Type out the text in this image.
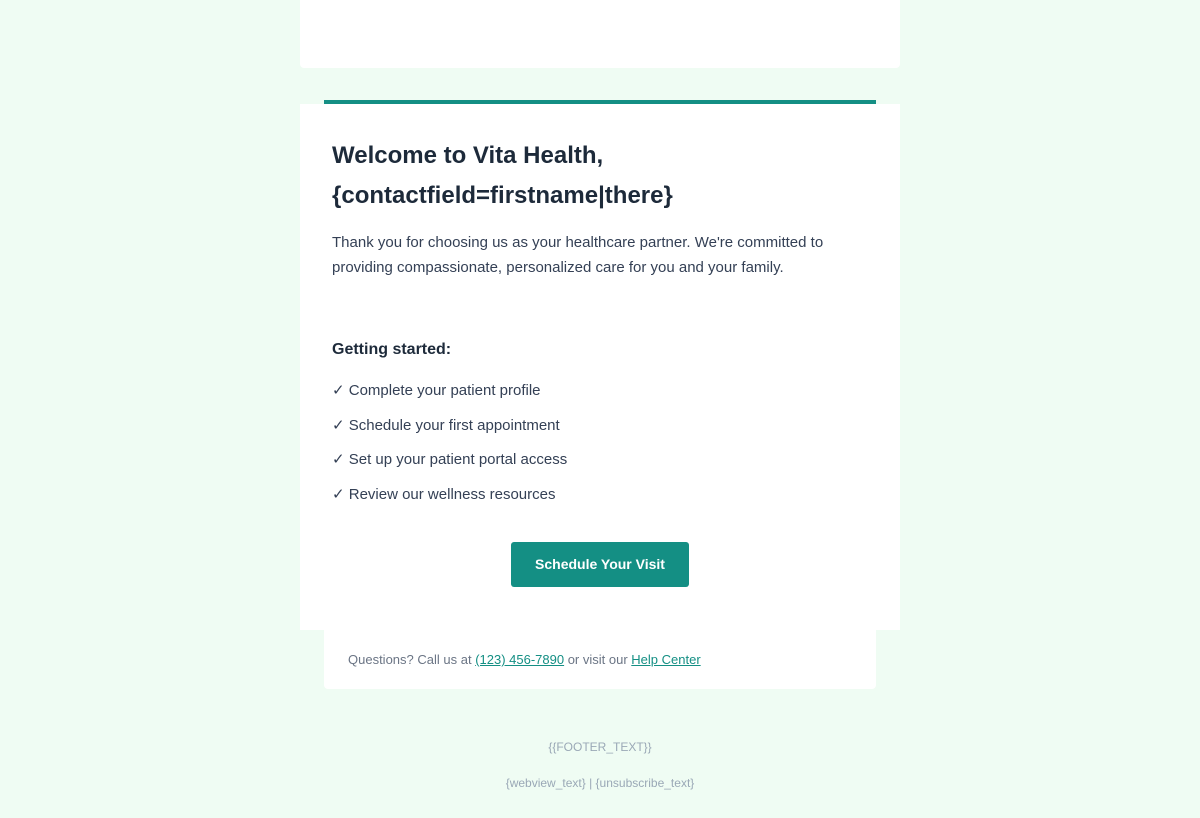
Welcome to Vita Health, {contactfield=firstname|there}

Thank you for choosing us as your healthcare partner. We're committed to providing compassionate, personalized care for you and your family.

Getting started:
✓ Complete your patient profile
✓ Schedule your first appointment
✓ Set up your patient portal access
✓ Review our wellness resources
Schedule Your Visit

Questions? Call us at (123) 456-7890 or visit our Help Center

{{FOOTER_TEXT}}
{webview_text} | {unsubscribe_text}
